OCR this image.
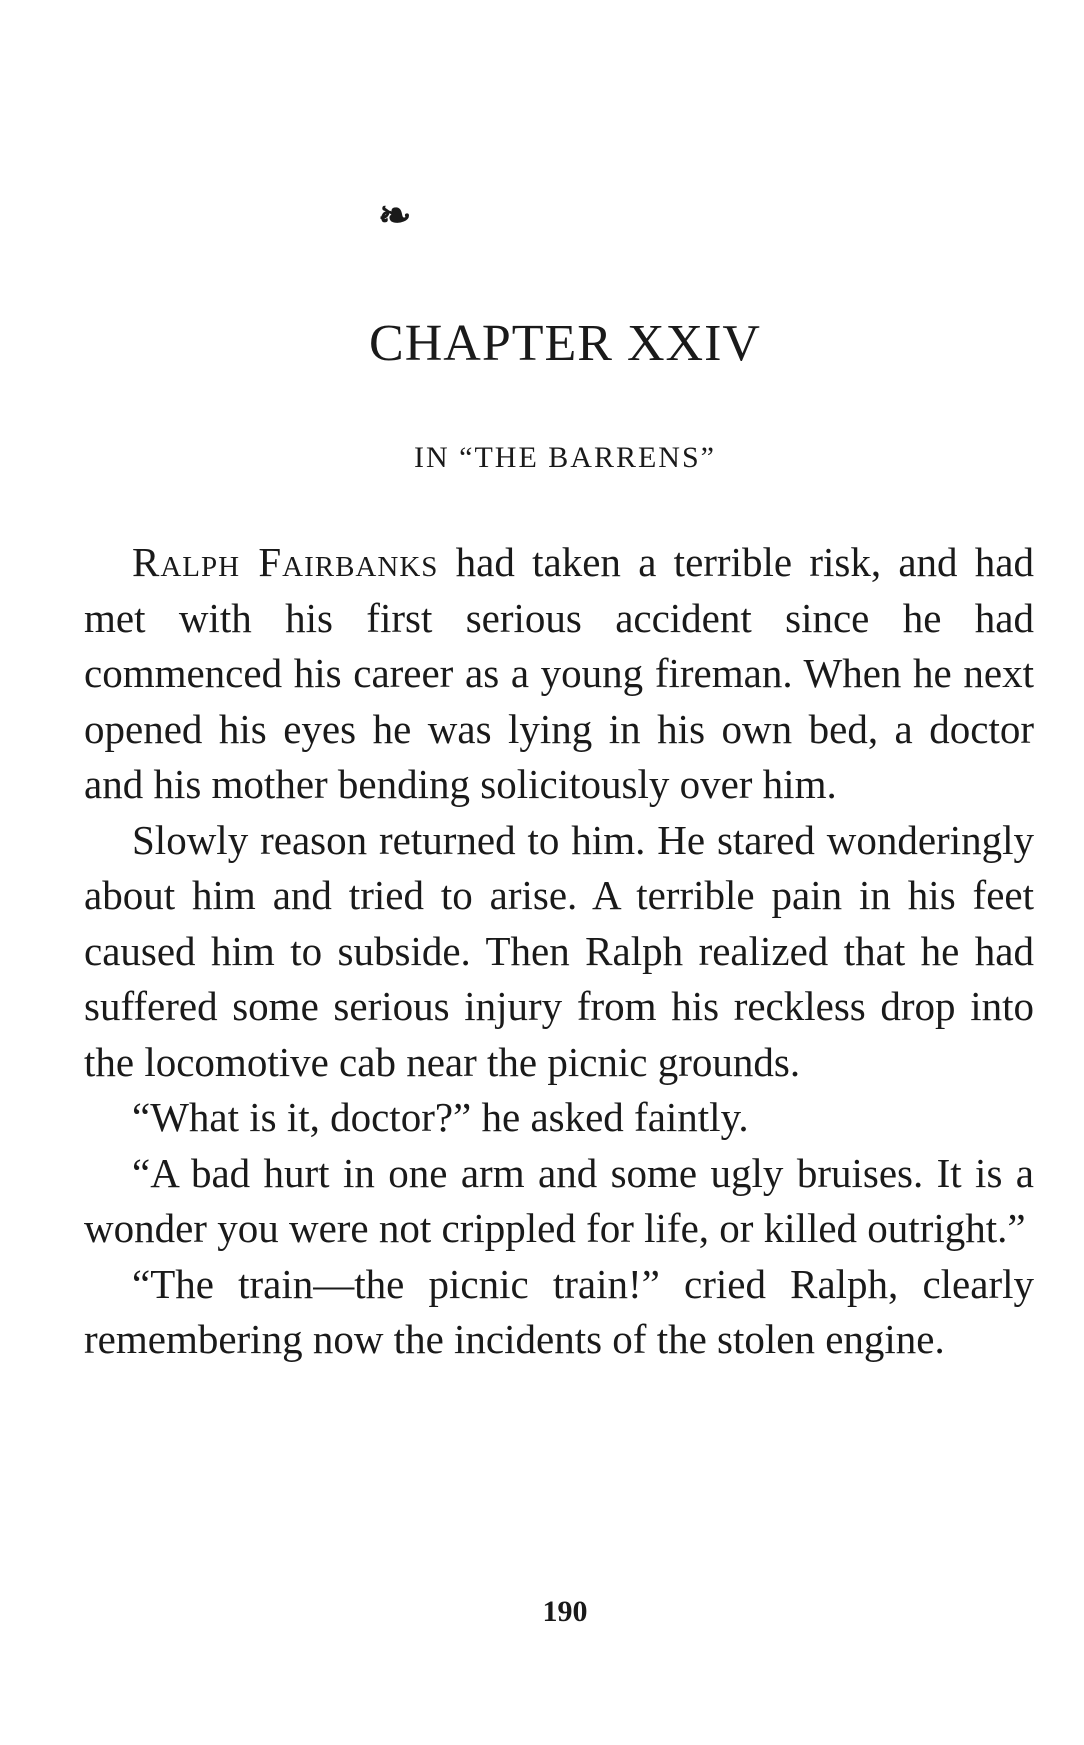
❧
CHAPTER XXIV
IN “THE BARRENS”

Ralph Fairbanks had taken a terrible risk, and had met with his first serious accident since he had commenced his career as a young fireman. When he next opened his eyes he was lying in his own bed, a doctor and his mother bending solicitously over him.

Slowly reason returned to him. He stared wonderingly about him and tried to arise. A terrible pain in his feet caused him to subside. Then Ralph realized that he had suffered some serious injury from his reckless drop into the locomotive cab near the picnic grounds.

“What is it, doctor?” he asked faintly.

“A bad hurt in one arm and some ugly bruises. It is a wonder you were not crippled for life, or killed outright.”

“The train—the picnic train!” cried Ralph, clearly remembering now the incidents of the stolen engine.

190
